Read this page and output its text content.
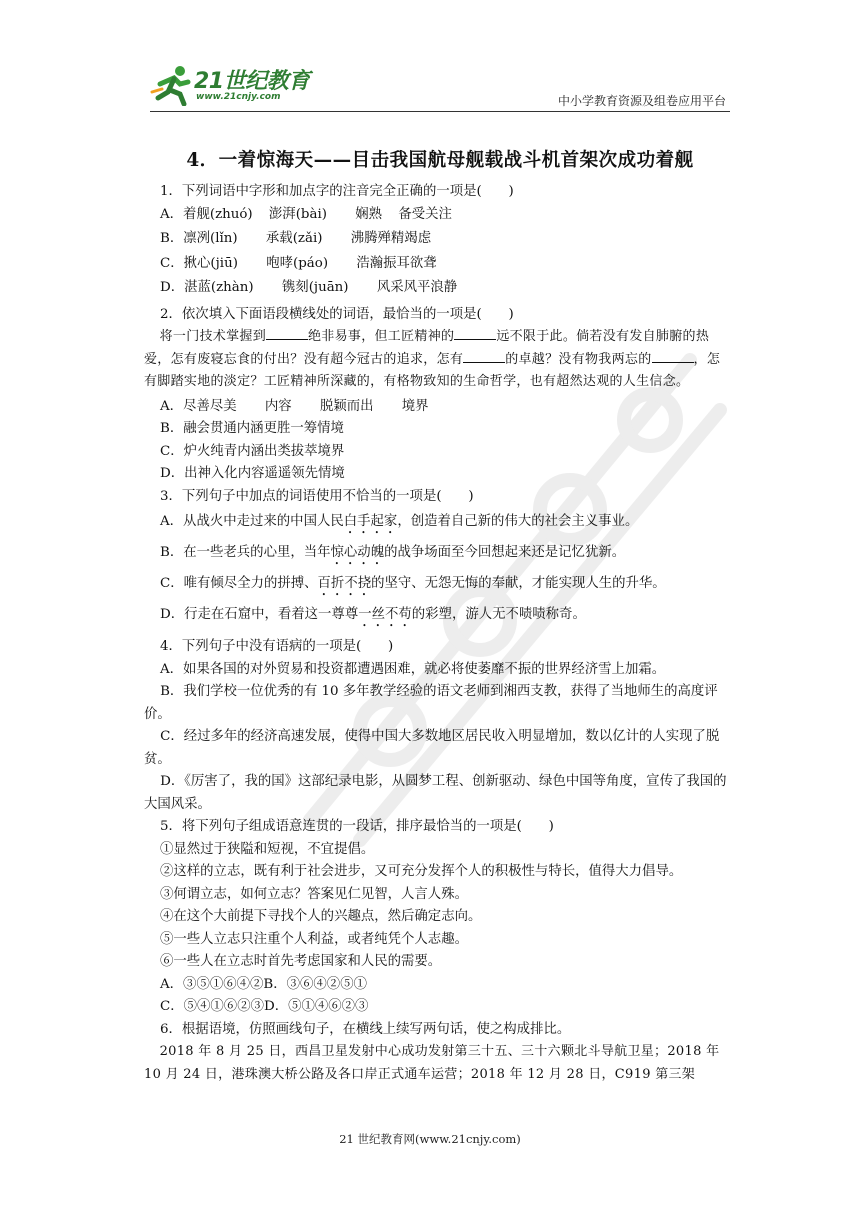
21世纪教育
www.21cnjy.com	中小学教育资源及组卷应用平台
4．一着惊海天——目击我国航母舰载战斗机首架次成功着舰

1．下列词语中字形和加点字的注音完全正确的一项是(　　)

A．着舰(zhuó) 澎湃(bài) 娴熟 备受关注

B．凛冽(lǐn) 承载(zǎi) 沸腾殚精竭虑

C．揪心(jiū) 咆哮(páo) 浩瀚振耳欲聋

D．湛蓝(zhàn) 镌刻(juān) 风采风平浪静

2．依次填入下面语段横线处的词语，最恰当的一项是(　　)

将一门技术掌握到	绝非易事，但工匠精神的	远不限于此。倘若没有发自肺腑的热爱，怎有废寝忘食的付出？没有超今冠古的追求，怎有	的卓越？没有物我两忘的	，怎有脚踏实地的淡定？工匠精神所深藏的，有格物致知的生命哲学，也有超然达观的人生信念。

A．尽善尽美 内容 脱颖而出 境界

B．融会贯通内涵更胜一筹情境

C．炉火纯青内涵出类拔萃境界

D．出神入化内容遥遥领先情境

3．下列句子中加点的词语使用不恰当的一项是(　　)

A．从战火中走过来的中国人民白手起家，创造着自己新的伟大的社会主义事业。

B．在一些老兵的心里，当年惊心动魄的战争场面至今回想起来还是记忆犹新。

C．唯有倾尽全力的拼搏、百折不挠的坚守、无怨无悔的奉献，才能实现人生的升华。

D．行走在石窟中，看着这一尊尊一丝不苟的彩塑，游人无不啧啧称奇。

4．下列句子中没有语病的一项是(　　)

A．如果各国的对外贸易和投资都遭遇困难，就必将使萎靡不振的世界经济雪上加霜。

B．我们学校一位优秀的有 10 多年教学经验的语文老师到湘西支教，获得了当地师生的高度评价。

C．经过多年的经济高速发展，使得中国大多数地区居民收入明显增加，数以亿计的人实现了脱贫。

D．《厉害了，我的国》这部纪录电影，从圆梦工程、创新驱动、绿色中国等角度，宣传了我国的大国风采。

5．将下列句子组成语意连贯的一段话，排序最恰当的一项是(　　)

①显然过于狭隘和短视，不宜提倡。

②这样的立志，既有利于社会进步，又可充分发挥个人的积极性与特长，值得大力倡导。

③何谓立志，如何立志？答案见仁见智，人言人殊。

④在这个大前提下寻找个人的兴趣点，然后确定志向。

⑤一些人立志只注重个人利益，或者纯凭个人志趣。

⑥一些人在立志时首先考虑国家和人民的需要。

A．③⑤①⑥④②B．③⑥④②⑤①

C．⑤④①⑥②③D．⑤①④⑥②③

6．根据语境，仿照画线句子，在横线上续写两句话，使之构成排比。

2018 年 8 月 25 日，西昌卫星发射中心成功发射第三十五、三十六颗北斗导航卫星；2018 年 10 月 24 日，港珠澳大桥公路及各口岸正式通车运营；2018 年 12 月 28 日，C919 第三架

21 世纪教育网(www.21cnjy.com)
